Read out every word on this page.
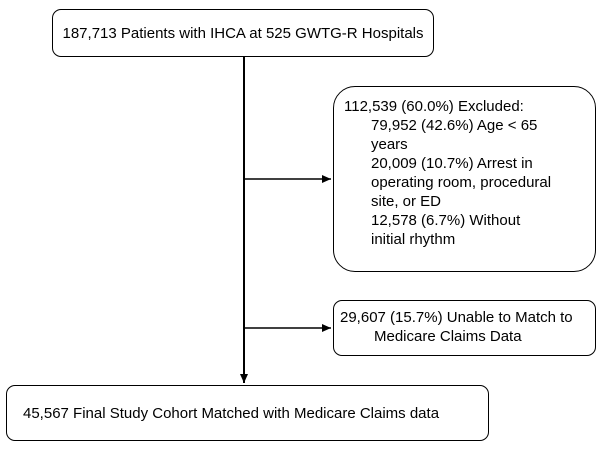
187,713 Patients with IHCA at 525 GWTG-R Hospitals
112,539 (60.0%) Excluded:
79,952 (42.6%) Age < 65
years
20,009 (10.7%) Arrest in
operating room, procedural
site, or ED
12,578 (6.7%) Without
initial rhythm
29,607 (15.7%) Unable to Match to
Medicare Claims Data
45,567 Final Study Cohort Matched with Medicare Claims data
